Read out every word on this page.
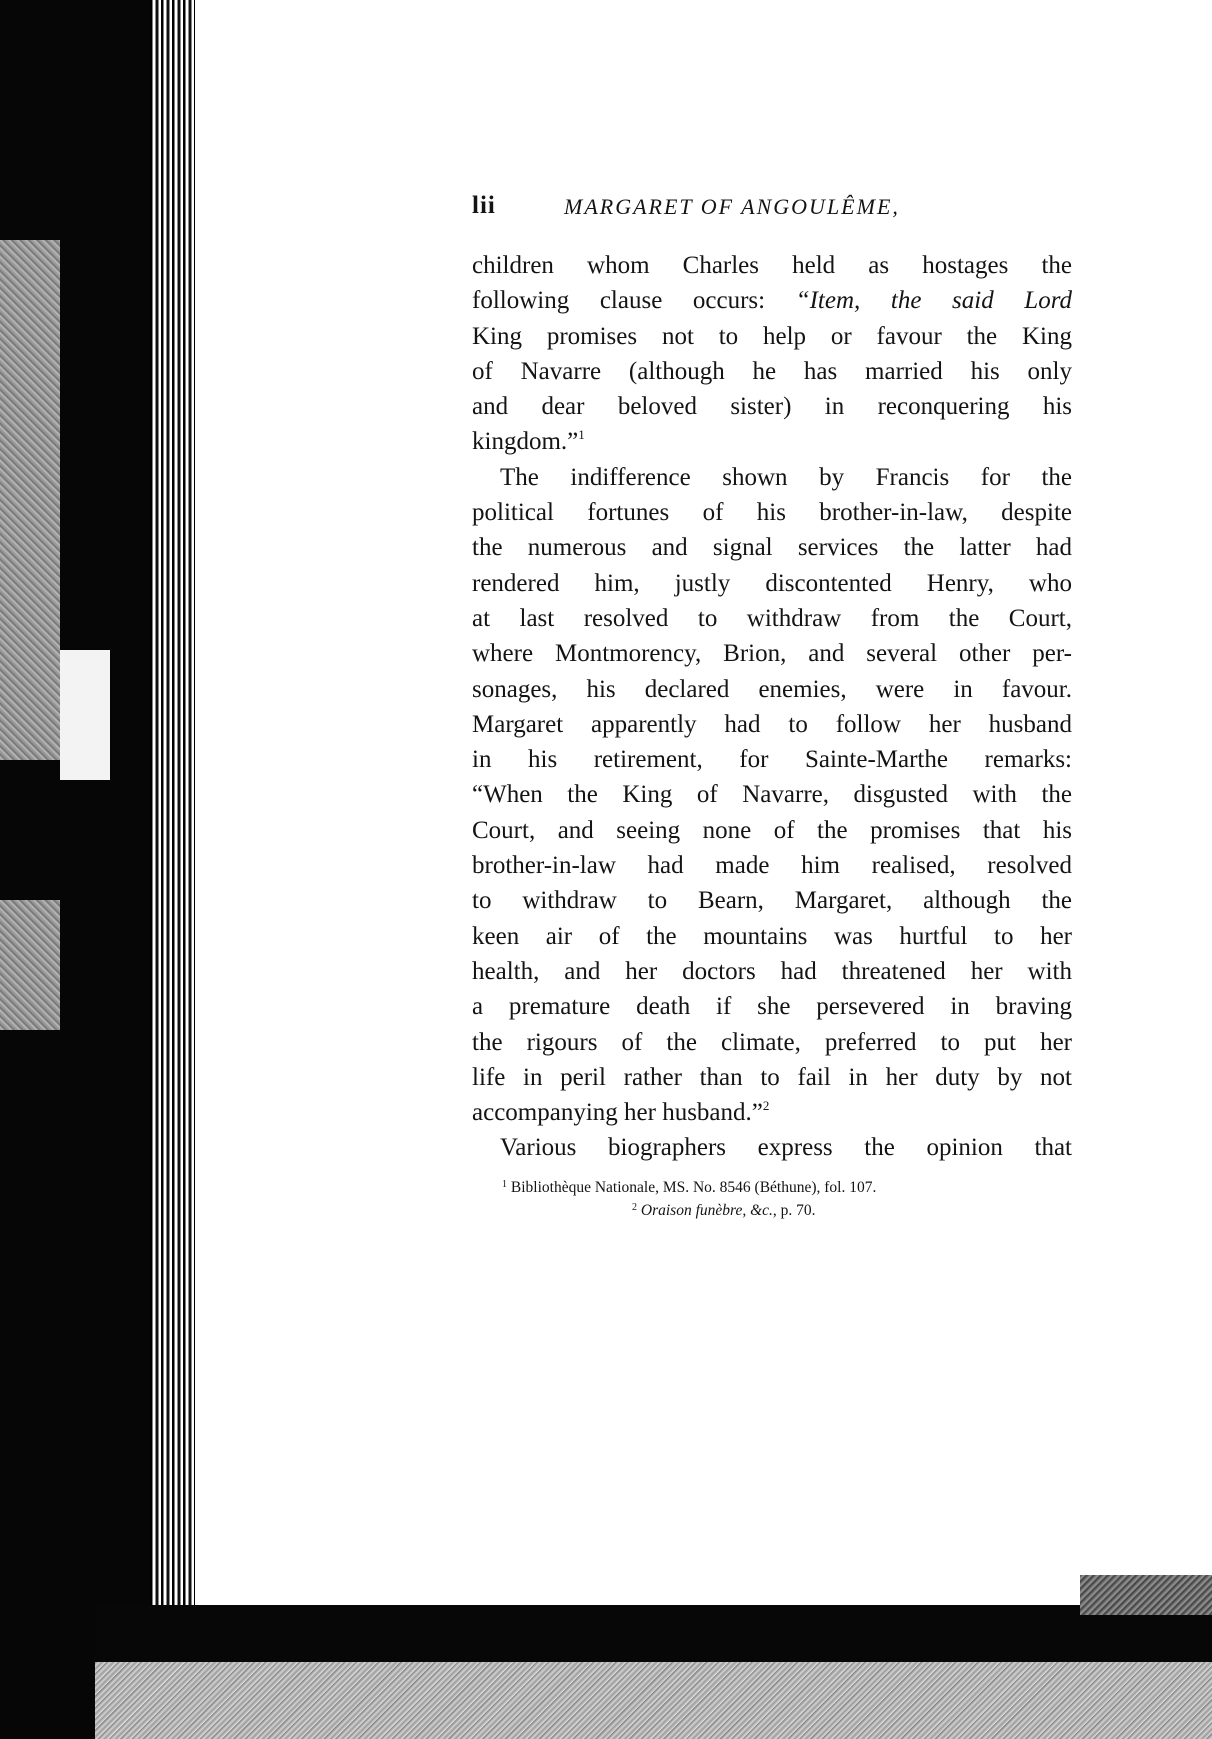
lii	MARGARET OF ANGOULÊME,
children whom Charles held as hostages the
following clause occurs: “Item, the said Lord
King promises not to help or favour the King
of Navarre (although he has married his only
and dear beloved sister) in reconquering his
kingdom.”$^1$
The indifference shown by Francis for the
political fortunes of his brother-in-law, despite
the numerous and signal services the latter had
rendered him, justly discontented Henry, who
at last resolved to withdraw from the Court,
where Montmorency, Brion, and several other per-
sonages, his declared enemies, were in favour.
Margaret apparently had to follow her husband
in his retirement, for Sainte-Marthe remarks:
“When the King of Navarre, disgusted with the
Court, and seeing none of the promises that his
brother-in-law had made him realised, resolved
to withdraw to Bearn, Margaret, although the
keen air of the mountains was hurtful to her
health, and her doctors had threatened her with
a premature death if she persevered in braving
the rigours of the climate, preferred to put her
life in peril rather than to fail in her duty by not
accompanying her husband.”$^2$
Various biographers express the opinion that
$^1$ Bibliothèque Nationale, MS. No. 8546 (Béthune), fol. 107.
$^2$ Oraison funèbre, &c., p. 70.
